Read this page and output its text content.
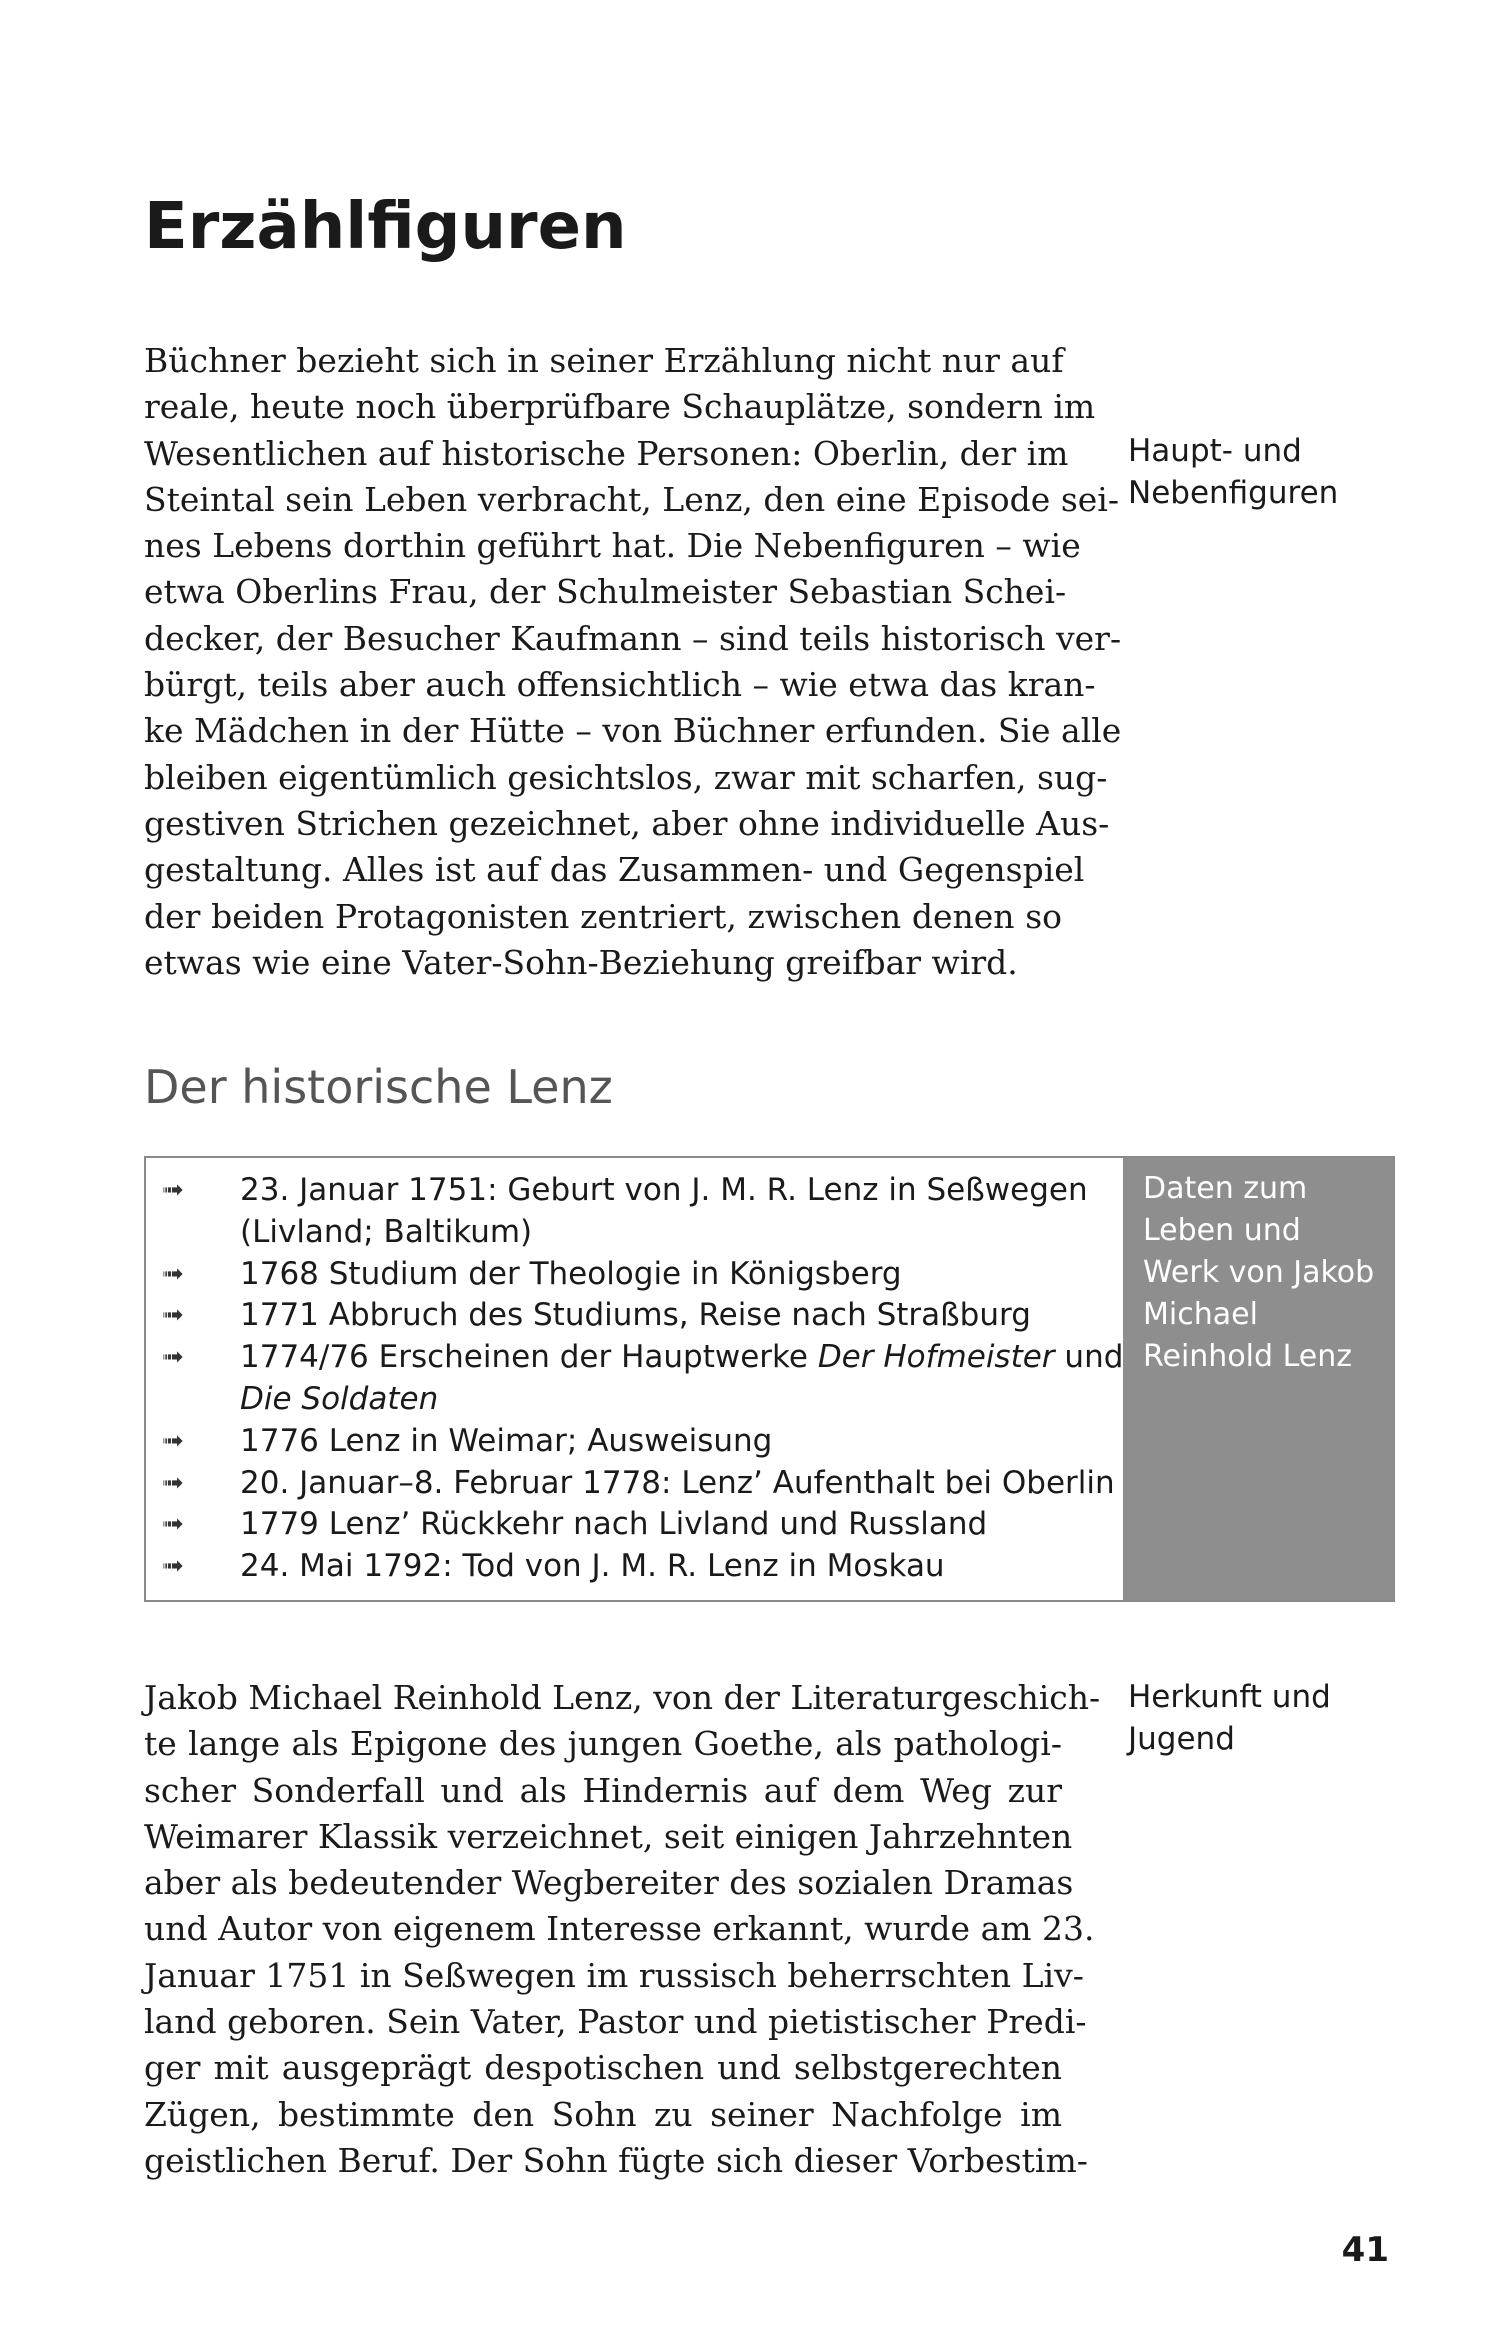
Erzählfiguren
Büchner bezieht sich in seiner Erzählung nicht nur auf
reale, heute noch überprüfbare Schauplätze, sondern im
Wesentlichen auf historische Personen: Oberlin, der im
Steintal sein Leben verbracht, Lenz, den eine Episode sei-
nes Lebens dorthin geführt hat. Die Nebenfiguren – wie
etwa Oberlins Frau, der Schulmeister Sebastian Schei-
decker, der Besucher Kaufmann – sind teils historisch ver-
bürgt, teils aber auch offensichtlich – wie etwa das kran-
ke Mädchen in der Hütte – von Büchner erfunden. Sie alle
bleiben eigentümlich gesichtslos, zwar mit scharfen, sug-
gestiven Strichen gezeichnet, aber ohne individuelle Aus-
gestaltung. Alles ist auf das Zusammen- und Gegenspiel
der beiden Protagonisten zentriert, zwischen denen so
etwas wie eine Vater-Sohn-Beziehung greifbar wird.
Haupt- und
Nebenfiguren
Der historische Lenz
➟ 23. Januar 1751: Geburt von J. M. R. Lenz in Seßwegen
(Livland; Baltikum)
➟ 1768 Studium der Theologie in Königsberg
➟ 1771 Abbruch des Studiums, Reise nach Straßburg
➟ 1774/76 Erscheinen der Hauptwerke Der Hofmeister und
Die Soldaten
➟ 1776 Lenz in Weimar; Ausweisung
➟ 20. Januar–8. Februar 1778: Lenz’ Aufenthalt bei Oberlin
➟ 1779 Lenz’ Rückkehr nach Livland und Russland
➟ 24. Mai 1792: Tod von J. M. R. Lenz in Moskau
Daten zum
Leben und
Werk von Jakob
Michael
Reinhold Lenz
Jakob Michael Reinhold Lenz, von der Literaturgeschich-
te lange als Epigone des jungen Goethe, als pathologi-
scher Sonderfall und als Hindernis auf dem Weg zur
Weimarer Klassik verzeichnet, seit einigen Jahrzehnten
aber als bedeutender Wegbereiter des sozialen Dramas
und Autor von eigenem Interesse erkannt, wurde am 23.
Januar 1751 in Seßwegen im russisch beherrschten Liv-
land geboren. Sein Vater, Pastor und pietistischer Predi-
ger mit ausgeprägt despotischen und selbstgerechten
Zügen, bestimmte den Sohn zu seiner Nachfolge im
geistlichen Beruf. Der Sohn fügte sich dieser Vorbestim-
Herkunft und
Jugend
41
